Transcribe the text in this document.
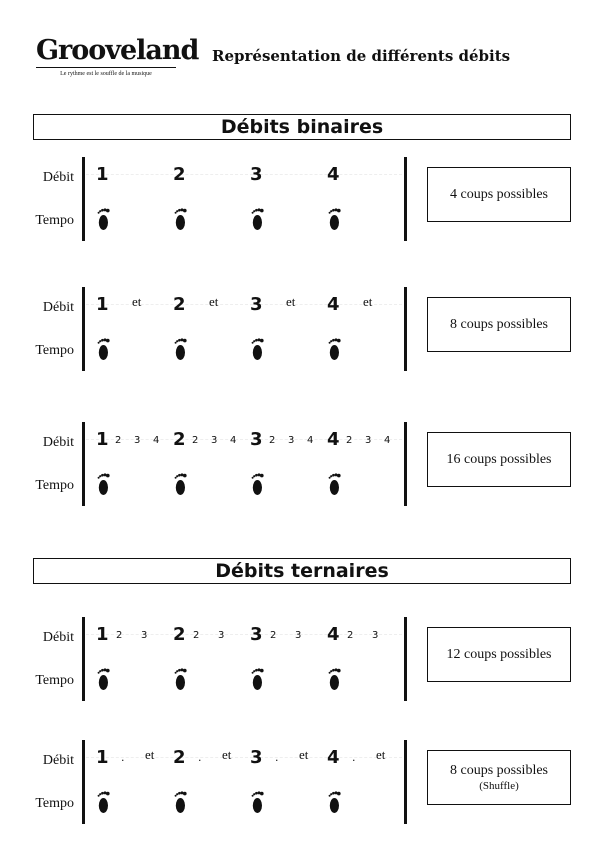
Grooveland
Le rythme est le souffle de la musique
Représentation de différents débits
Débits binaires
Débit
Tempo
1	2	3	4
4 coups possibles
Débit
Tempo
1 et 2 et 3 et 4 et
8 coups possibles
Débit
Tempo
1 2 3 4 2 2 3 4 3 2 3 4 4 2 3 4
16 coups possibles
Débits ternaires
Débit
Tempo
1 2 3 2 2 3 3 2 3 4 2 3
12 coups possibles
Débit
Tempo
1 . et 2 . et 3 . et 4 . et
8 coups possibles
(Shuffle)
